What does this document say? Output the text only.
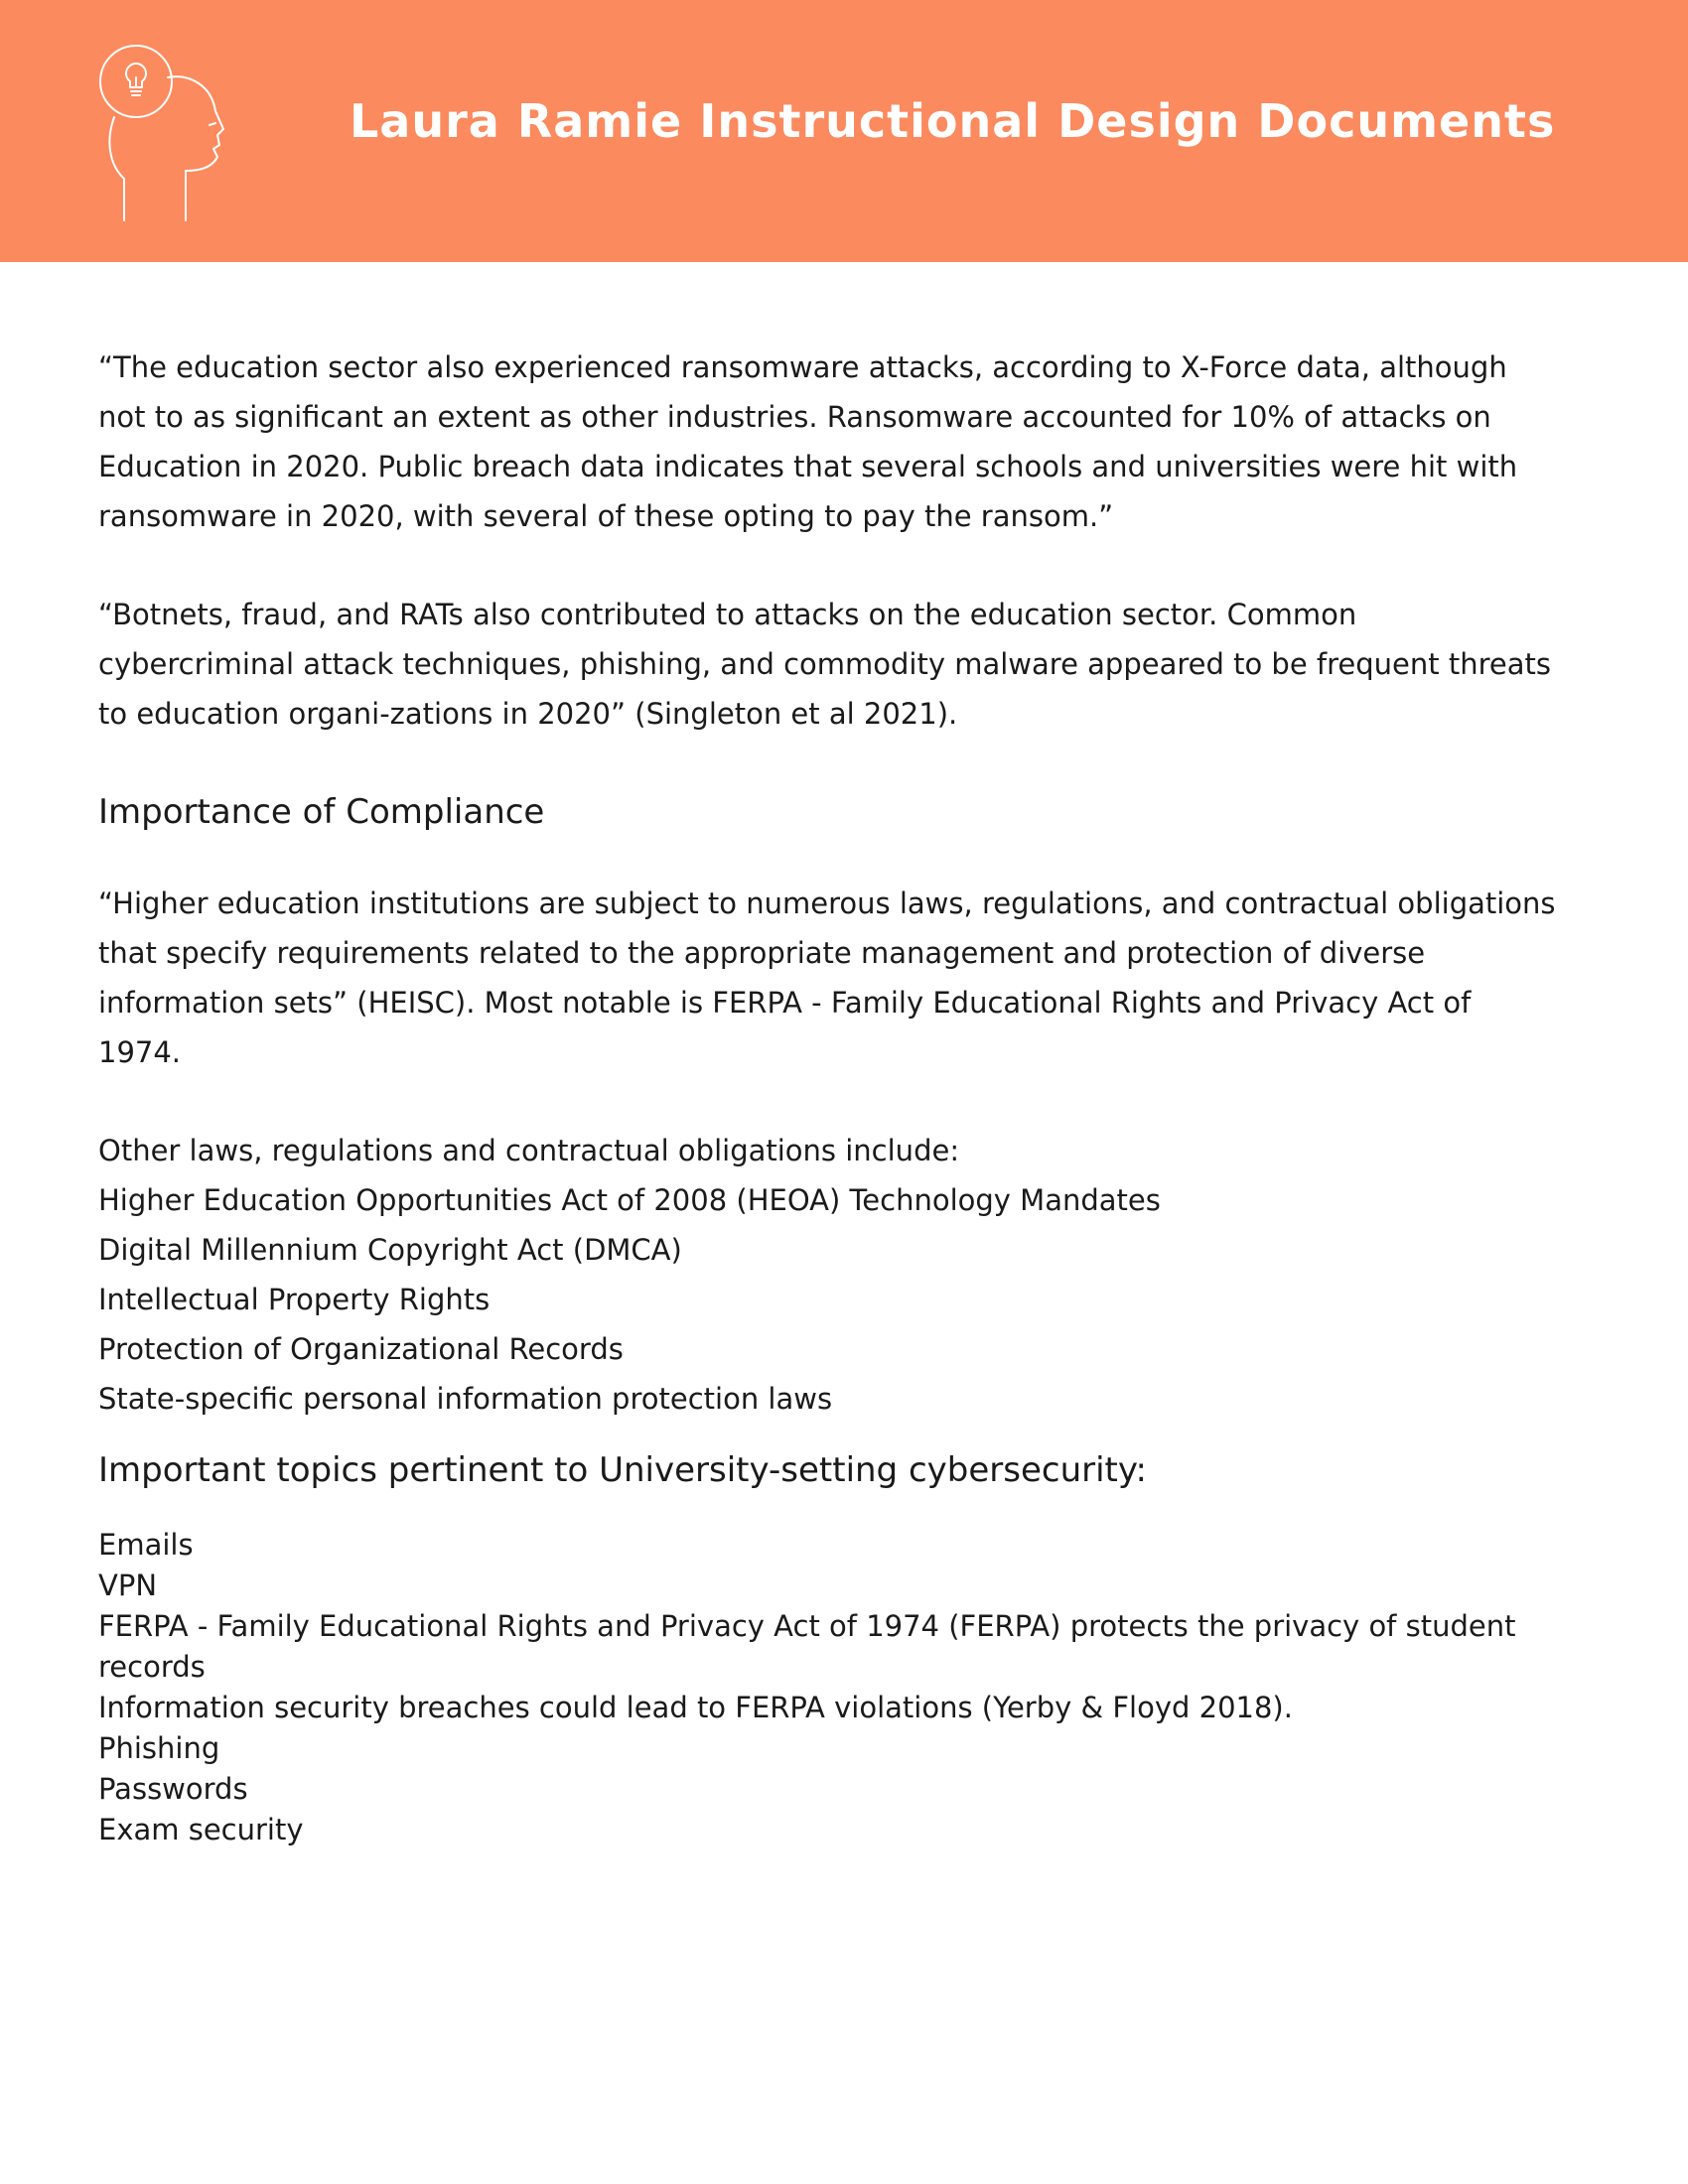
Laura Ramie Instructional Design Documents

“The education sector also experienced ransomware attacks, according to X-Force data, although not to as significant an extent as other industries. Ransomware accounted for 10% of attacks on Education in 2020. Public breach data indicates that several schools and universities were hit with ransomware in 2020, with several of these opting to pay the ransom.”

“Botnets, fraud, and RATs also contributed to attacks on the education sector. Common cybercriminal attack techniques, phishing, and commodity malware appeared to be frequent threats to education organi-zations in 2020” (Singleton et al 2021).

Importance of Compliance

“Higher education institutions are subject to numerous laws, regulations, and contractual obligations that specify requirements related to the appropriate management and protection of diverse information sets” (HEISC). Most notable is FERPA - Family Educational Rights and Privacy Act of 1974.

Other laws, regulations and contractual obligations include:
Higher Education Opportunities Act of 2008 (HEOA) Technology Mandates
Digital Millennium Copyright Act (DMCA)
Intellectual Property Rights
Protection of Organizational Records
State-specific personal information protection laws
Important topics pertinent to University-setting cybersecurity:
Emails
VPN
FERPA - Family Educational Rights and Privacy Act of 1974 (FERPA) protects the privacy of student records
Information security breaches could lead to FERPA violations (Yerby & Floyd 2018).
Phishing
Passwords
Exam security
